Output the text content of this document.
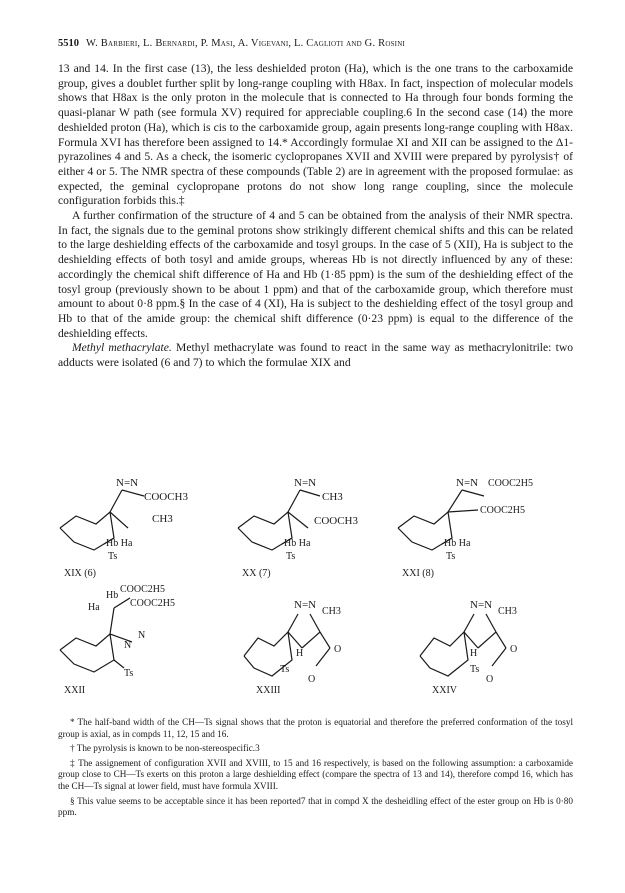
5510 W. Barbieri, L. Bernardi, P. Masi, A. Vigevani, L. Caglioti and G. Rosini

13 and 14. In the first case (13), the less deshielded proton (Ha), which is the one trans to the carboxamide group, gives a doublet further split by long-range coupling with H8ax. In fact, inspection of molecular models shows that H8ax is the only proton in the molecule that is connected to Ha through four bonds forming the quasi-planar W path (see formula XV) required for appreciable coupling.6 In the second case (14) the more deshielded proton (Ha), which is cis to the carboxamide group, again presents long-range coupling with H8ax. Formula XVI has therefore been assigned to 14.* Accordingly formulae XI and XII can be assigned to the Δ1-pyrazolines 4 and 5. As a check, the isomeric cyclopropanes XVII and XVIII were prepared by pyrolysis† of either 4 or 5. The NMR spectra of these compounds (Table 2) are in agreement with the proposed formulae: as expected, the geminal cyclopropane protons do not show long range coupling, since the molecule configuration forbids this.‡

A further confirmation of the structure of 4 and 5 can be obtained from the analysis of their NMR spectra. In fact, the signals due to the geminal protons show strikingly different chemical shifts and this can be related to the large deshielding effects of the carboxamide and tosyl groups. In the case of 5 (XII), Ha is subject to the deshielding effects of both tosyl and amide groups, whereas Hb is not directly influenced by any of these: accordingly the chemical shift difference of Ha and Hb (1·85 ppm) is the sum of the deshielding effect of the tosyl group (previously shown to be about 1 ppm) and that of the carboxamide group, which therefore must amount to about 0·8 ppm.§ In the case of 4 (XI), Ha is subject to the deshielding effect of the tosyl group and Hb to that of the amide group: the chemical shift difference (0·23 ppm) is equal to the difference of the deshielding effects.

Methyl methacrylate. Methyl methacrylate was found to react in the same way as methacrylonitrile: two adducts were isolated (6 and 7) to which the formulae XIX and

N=N
COOCH3
CH3
Hb Ha
Ts
XIX (6)
N=N
CH3
COOCH3
Hb Ha
Ts
XX (7)
N=N COOC2H5
COOC2H5
Hb Ha
Ts
XXI (8)
COOC2H5
COOC2H5
Hb
Ha
N
N
Ts
XXII
N=N
CH3
H
Ts
O
O
XXIII
N=N
CH3
H
Ts
O
O
XXIV

* The half-band width of the CH—Ts signal shows that the proton is equatorial and therefore the preferred conformation of the tosyl group is axial, as in compds 11, 12, 15 and 16.

† The pyrolysis is known to be non-stereospecific.3

‡ The assignement of configuration XVII and XVIII, to 15 and 16 respectively, is based on the following assumption: a carboxamide group close to CH—Ts exerts on this proton a large deshielding effect (compare the spectra of 13 and 14), therefore compd 16, which has the CH—Ts signal at lower field, must have formula XVIII.

§ This value seems to be acceptable since it has been reported7 that in compd X the desheidling effect of the ester group on Hb is 0·80 ppm.
